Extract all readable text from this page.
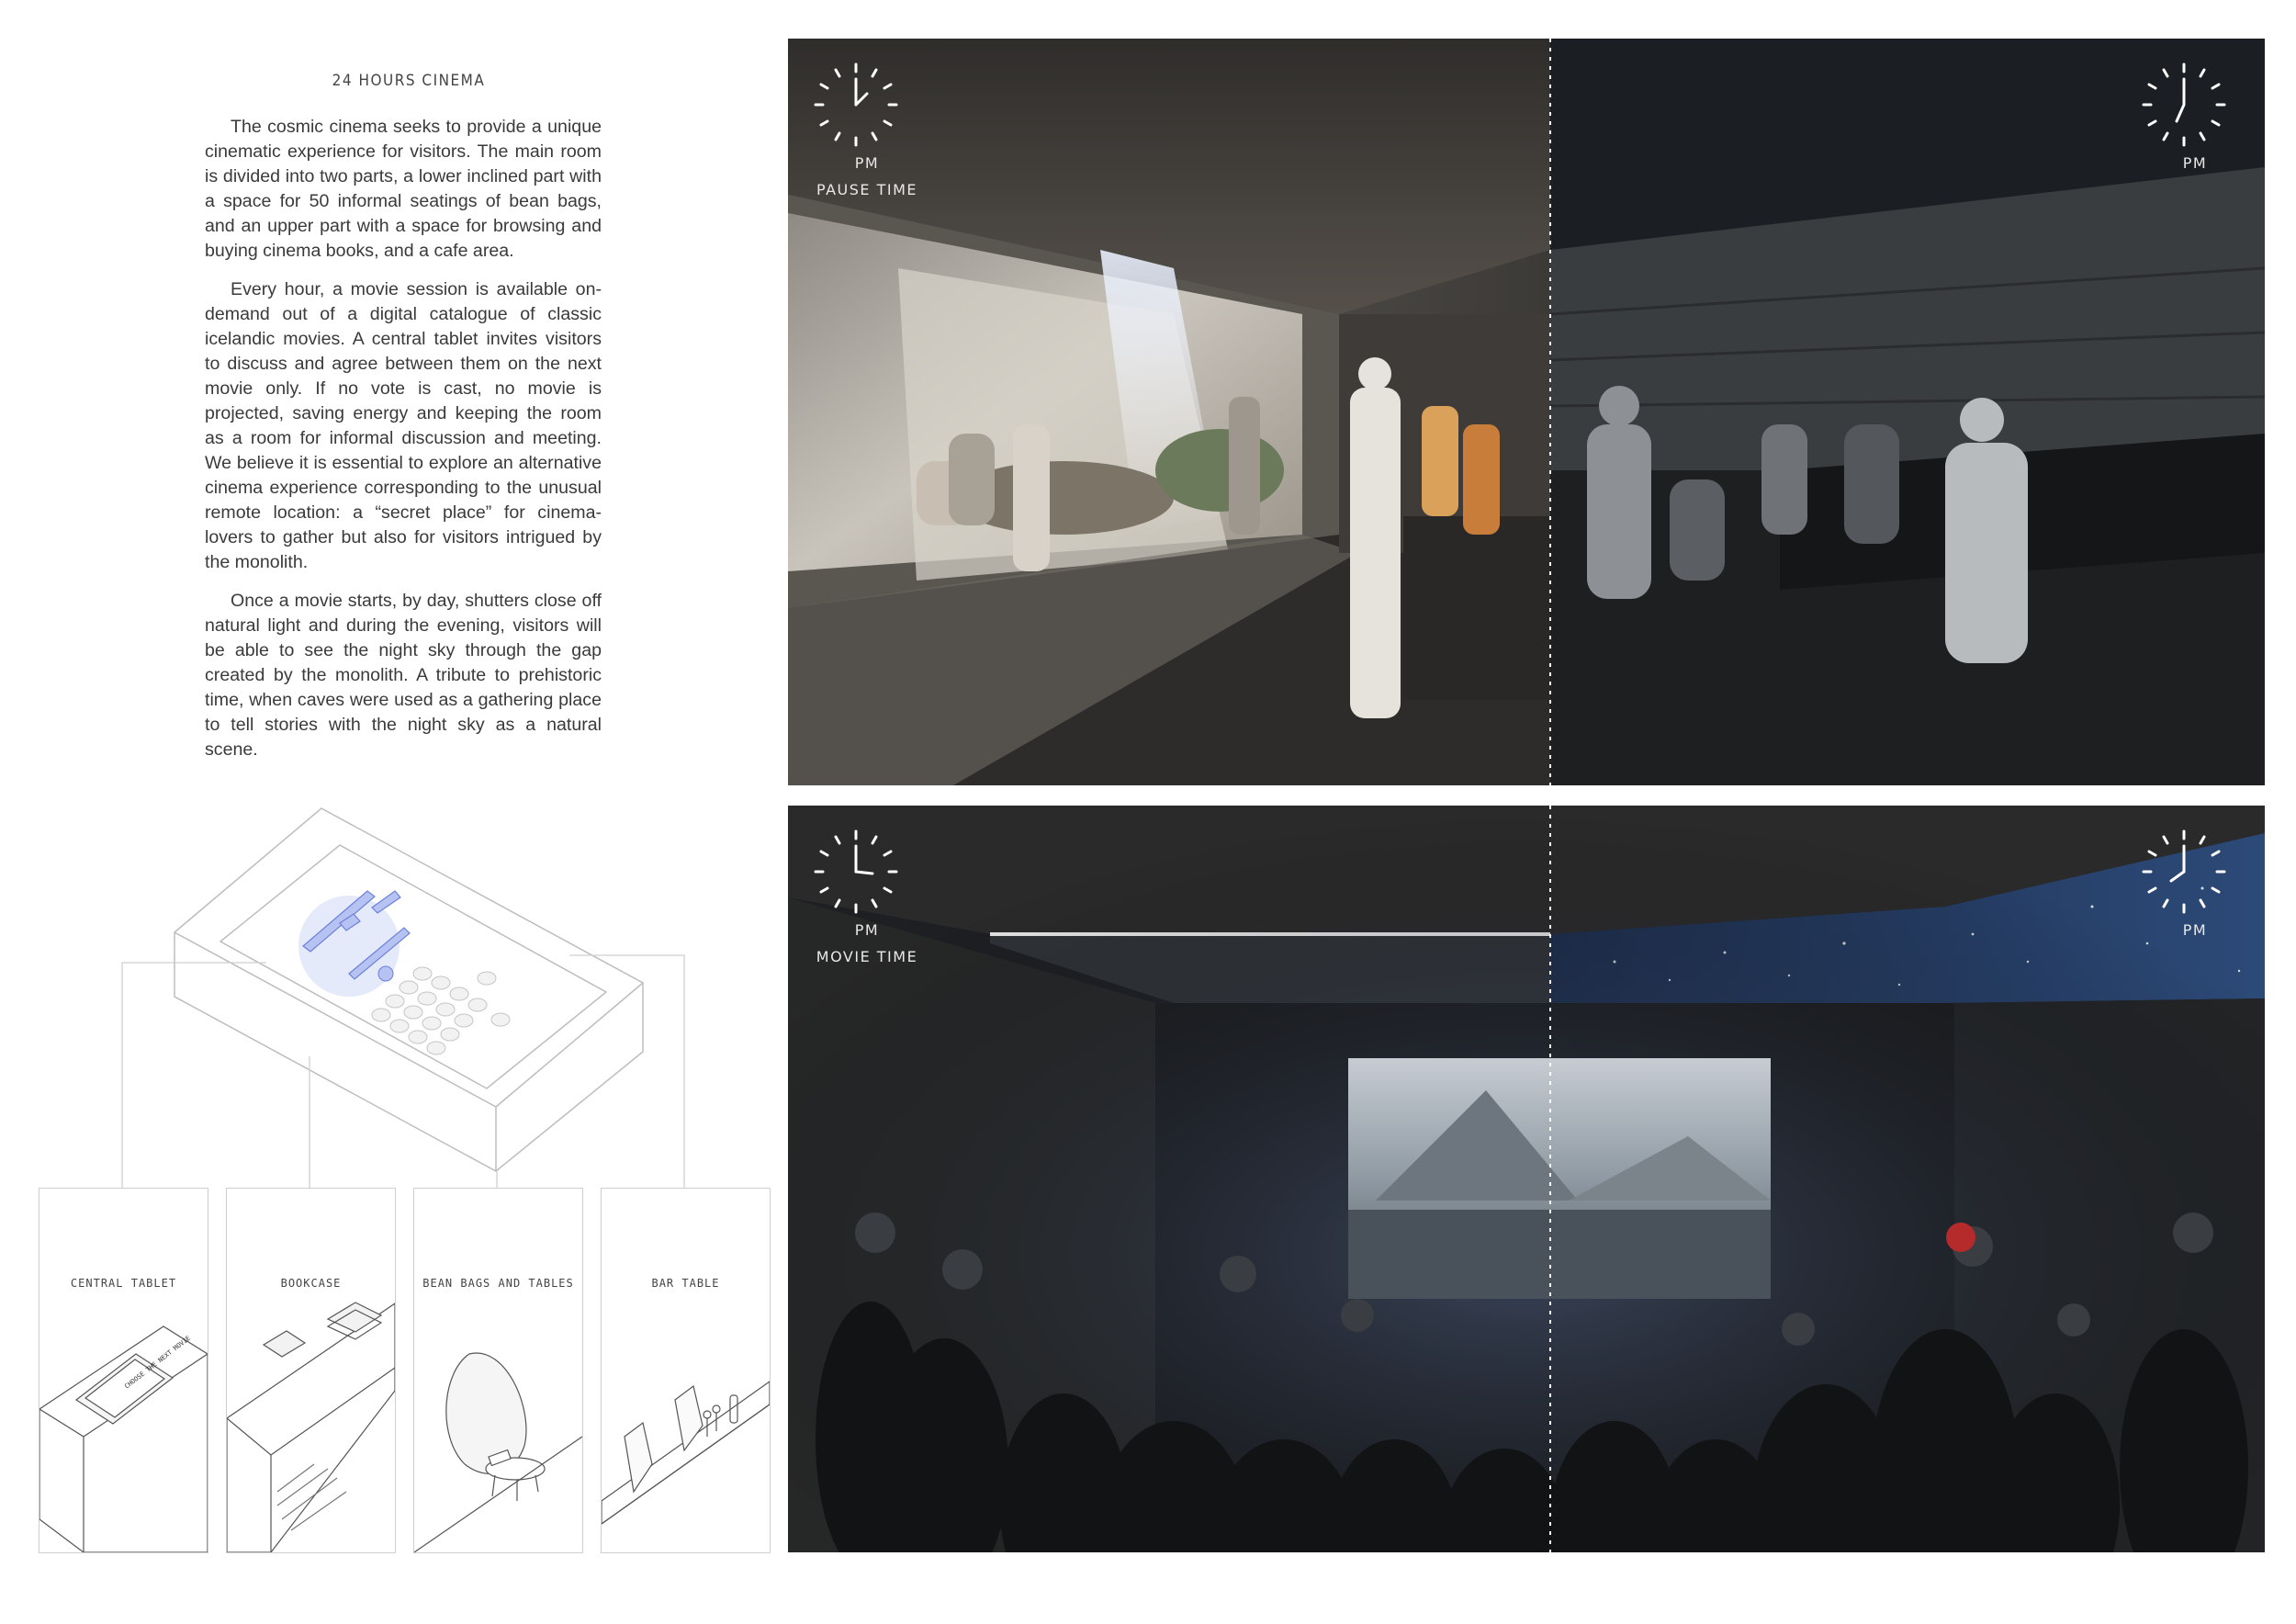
24 HOURS CINEMA

The cosmic cinema seeks to provide a unique cinematic experience for visitors. The main room is divided into two parts, a lower inclined part with a space for 50 informal seatings of bean bags, and an upper part with a space for browsing and buying cinema books, and a cafe area.

Every hour, a movie session is available on-demand out of a digital catalogue of classic icelandic movies. A central tablet invites visitors to discuss and agree between them on the next movie only. If no vote is cast, no movie is projected, saving energy and keeping the room as a room for informal discussion and meeting. We believe it is essential to explore an alternative cinema experience corresponding to the unusual remote location: a “secret place” for cinema-lovers to gather but also for visitors intrigued by the monolith.

Once a movie starts, by day, shutters close off natural light and during the evening, visitors will be able to see the night sky through the gap created by the monolith. A tribute to prehistoric time, when caves were used as a gathering place to tell stories with the night sky as a natural scene.

PM
PAUSE TIME
PM
PM
MOVIE TIME
PM
CENTRAL TABLET
CHOOSE THE NEXT MOVIE
BOOKCASE	BEAN BAGS AND TABLES	BAR TABLE
